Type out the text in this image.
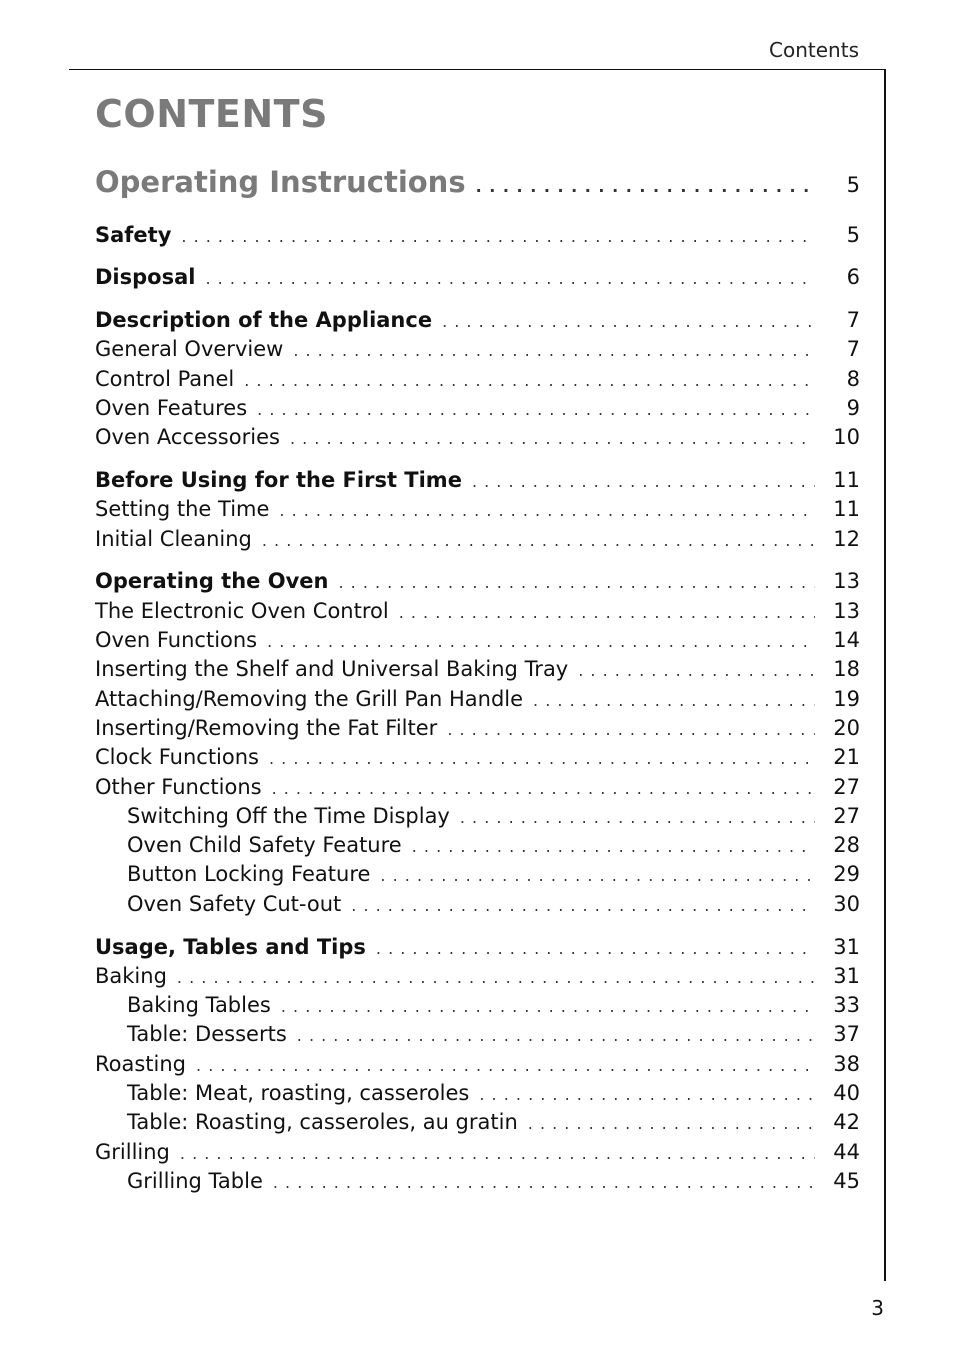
Contents
CONTENTS
Operating Instructions . . .	5
Safety . . .	5
Disposal . . .	6
Description of the Appliance . . .	7
General Overview . . .	7
Control Panel . . .	8
Oven Features . . .	9
Oven Accessories . . .	10
Before Using for the First Time . . .	11
Setting the Time . . .	11
Initial Cleaning . . .	12
Operating the Oven . . .	13
The Electronic Oven Control . . .	13
Oven Functions . . .	14
Inserting the Shelf and Universal Baking Tray . . .	18
Attaching/Removing the Grill Pan Handle . . .	19
Inserting/Removing the Fat Filter . . .	20
Clock Functions . . .	21
Other Functions . . .	27
Switching Off the Time Display . . .	27
Oven Child Safety Feature . . .	28
Button Locking Feature . . .	29
Oven Safety Cut-out . . .	30
Usage, Tables and Tips . . .	31
Baking . . .	31
Baking Tables . . .	33
Table: Desserts . . .	37
Roasting . . .	38
Table: Meat, roasting, casseroles . . .	40
Table: Roasting, casseroles, au gratin . . .	42
Grilling . . .	44
Grilling Table . . .	45
3
